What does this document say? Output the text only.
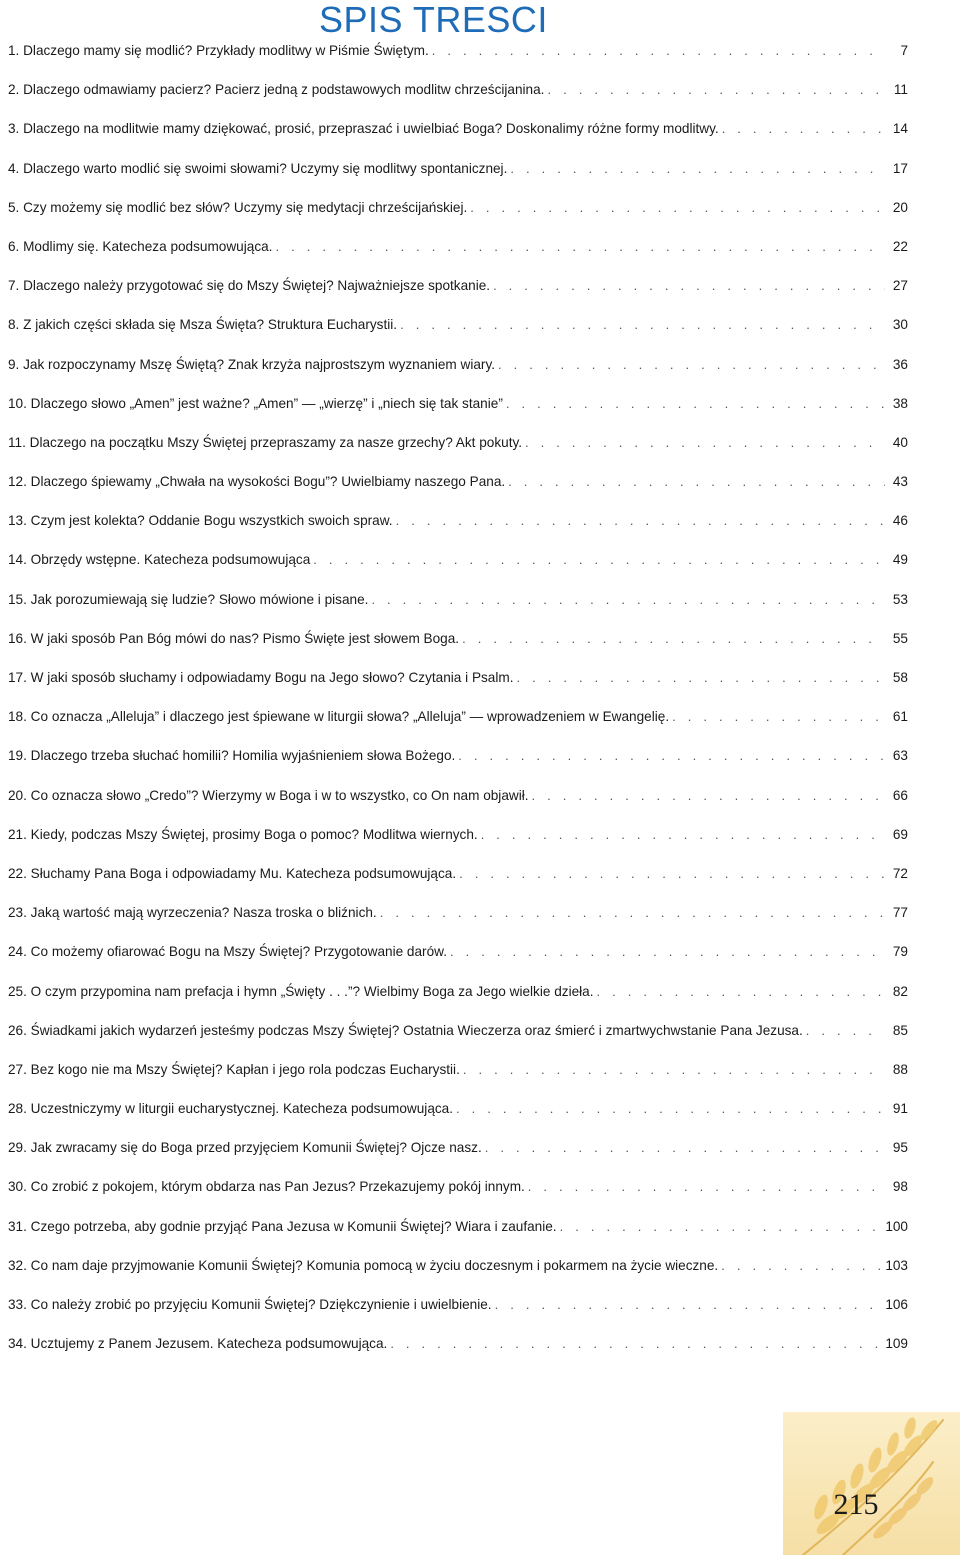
SPIS TRESCI
1. Dlaczego mamy się modlić? Przykłady modlitwy w Piśmie Świętym. . . .	7
2. Dlaczego odmawiamy pacierz? Pacierz jedną z podstawowych modlitw chrześcijanina. . . .	11
3. Dlaczego na modlitwie mamy dziękować, prosić, przepraszać i uwielbiać Boga? Doskonalimy różne formy modlitwy. . . .	14
4. Dlaczego warto modlić się swoimi słowami? Uczymy się modlitwy spontanicznej. . . .	17
5. Czy możemy się modlić bez słów? Uczymy się medytacji chrześcijańskiej. . . .	20
6. Modlimy się. Katecheza podsumowująca. . . .	22
7. Dlaczego należy przygotować się do Mszy Świętej? Najważniejsze spotkanie. . . .	27
8. Z jakich części składa się Msza Święta? Struktura Eucharystii. . . .	30
9. Jak rozpoczynamy Mszę Świętą? Znak krzyża najprostszym wyznaniem wiary. . . .	36
10. Dlaczego słowo „Amen” jest ważne? „Amen” — „wierzę” i „niech się tak stanie” . . .	38
11. Dlaczego na początku Mszy Świętej przepraszamy za nasze grzechy? Akt pokuty. . . .	40
12. Dlaczego śpiewamy „Chwała na wysokości Bogu”? Uwielbiamy naszego Pana. . . .	43
13. Czym jest kolekta? Oddanie Bogu wszystkich swoich spraw. . . .	46
14. Obrzędy wstępne. Katecheza podsumowująca . . .	49
15. Jak porozumiewają się ludzie? Słowo mówione i pisane. . . .	53
16. W jaki sposób Pan Bóg mówi do nas? Pismo Święte jest słowem Boga. . . .	55
17. W jaki sposób słuchamy i odpowiadamy Bogu na Jego słowo? Czytania i Psalm. . . .	58
18. Co oznacza „Alleluja” i dlaczego jest śpiewane w liturgii słowa? „Alleluja” — wprowadzeniem w Ewangelię. . . .	61
19. Dlaczego trzeba słuchać homilii? Homilia wyjaśnieniem słowa Bożego. . . .	63
20. Co oznacza słowo „Credo”? Wierzymy w Boga i w to wszystko, co On nam objawił. . . .	66
21. Kiedy, podczas Mszy Świętej, prosimy Boga o pomoc? Modlitwa wiernych. . . .	69
22. Słuchamy Pana Boga i odpowiadamy Mu. Katecheza podsumowująca. . . .	72
23. Jaką wartość mają wyrzeczenia? Nasza troska o bliźnich. . . .	77
24. Co możemy ofiarować Bogu na Mszy Świętej? Przygotowanie darów. . . .	79
25. O czym przypomina nam prefacja i hymn „Święty . . .”? Wielbimy Boga za Jego wielkie dzieła. . . .	82
26. Świadkami jakich wydarzeń jesteśmy podczas Mszy Świętej? Ostatnia Wieczerza oraz śmierć i zmartwychwstanie Pana Jezusa. . . .	85
27. Bez kogo nie ma Mszy Świętej? Kapłan i jego rola podczas Eucharystii. . . .	88
28. Uczestniczymy w liturgii eucharystycznej. Katecheza podsumowująca. . . .	91
29. Jak zwracamy się do Boga przed przyjęciem Komunii Świętej? Ojcze nasz. . . .	95
30. Co zrobić z pokojem, którym obdarza nas Pan Jezus? Przekazujemy pokój innym. . . .	98
31. Czego potrzeba, aby godnie przyjąć Pana Jezusa w Komunii Świętej? Wiara i zaufanie. . . .	100
32. Co nam daje przyjmowanie Komunii Świętej? Komunia pomocą w życiu doczesnym i pokarmem na życie wieczne. . . .	103
33. Co należy zrobić po przyjęciu Komunii Świętej? Dziękczynienie i uwielbienie. . . .	106
34. Ucztujemy z Panem Jezusem. Katecheza podsumowująca. . . .	109
215
